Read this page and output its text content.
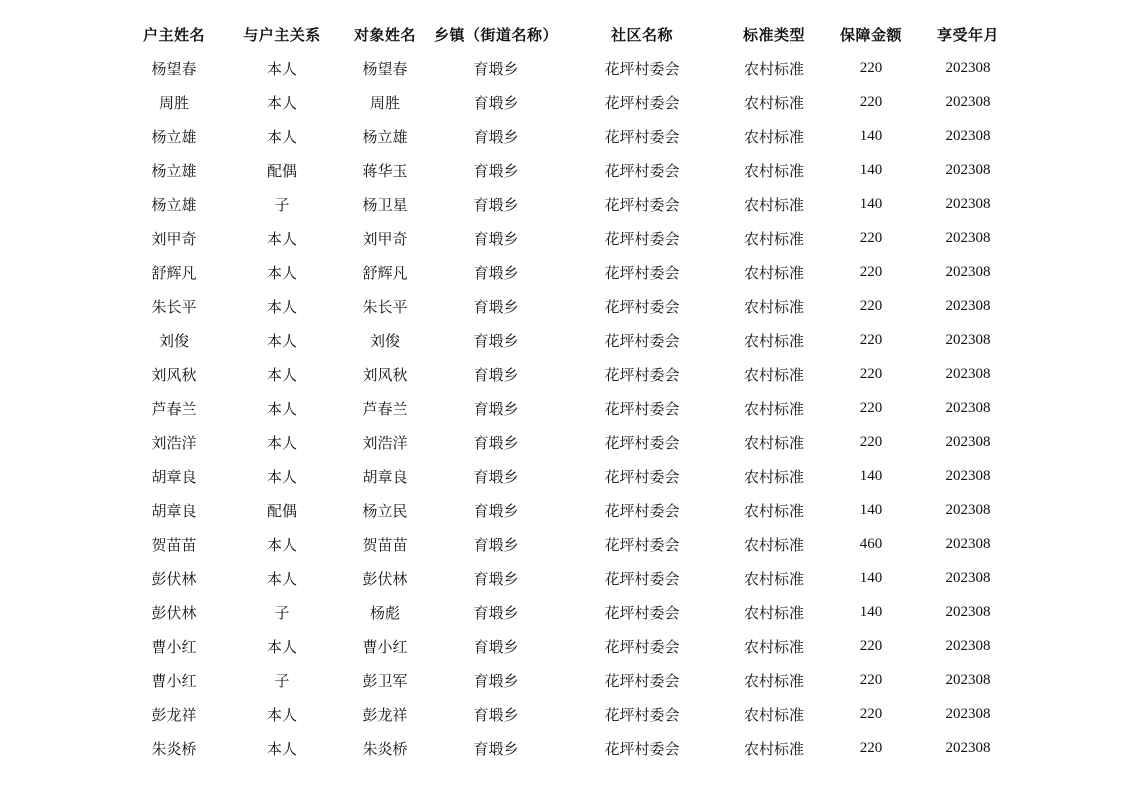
户主姓名	与户主关系	对象姓名	乡镇（街道名称）	社区名称	标准类型	保障金额	享受年月
杨望春	本人	杨望春	育塅乡	花坪村委会	农村标准	220	202308
周胜	本人	周胜	育塅乡	花坪村委会	农村标准	220	202308
杨立雄	本人	杨立雄	育塅乡	花坪村委会	农村标准	140	202308
杨立雄	配偶	蒋华玉	育塅乡	花坪村委会	农村标准	140	202308
杨立雄	子	杨卫星	育塅乡	花坪村委会	农村标准	140	202308
刘甲奇	本人	刘甲奇	育塅乡	花坪村委会	农村标准	220	202308
舒辉凡	本人	舒辉凡	育塅乡	花坪村委会	农村标准	220	202308
朱长平	本人	朱长平	育塅乡	花坪村委会	农村标准	220	202308
刘俊	本人	刘俊	育塅乡	花坪村委会	农村标准	220	202308
刘风秋	本人	刘风秋	育塅乡	花坪村委会	农村标准	220	202308
芦春兰	本人	芦春兰	育塅乡	花坪村委会	农村标准	220	202308
刘浩洋	本人	刘浩洋	育塅乡	花坪村委会	农村标准	220	202308
胡章良	本人	胡章良	育塅乡	花坪村委会	农村标准	140	202308
胡章良	配偶	杨立民	育塅乡	花坪村委会	农村标准	140	202308
贺苗苗	本人	贺苗苗	育塅乡	花坪村委会	农村标准	460	202308
彭伏林	本人	彭伏林	育塅乡	花坪村委会	农村标准	140	202308
彭伏林	子	杨彪	育塅乡	花坪村委会	农村标准	140	202308
曹小红	本人	曹小红	育塅乡	花坪村委会	农村标准	220	202308
曹小红	子	彭卫军	育塅乡	花坪村委会	农村标准	220	202308
彭龙祥	本人	彭龙祥	育塅乡	花坪村委会	农村标准	220	202308
朱炎桥	本人	朱炎桥	育塅乡	花坪村委会	农村标准	220	202308
